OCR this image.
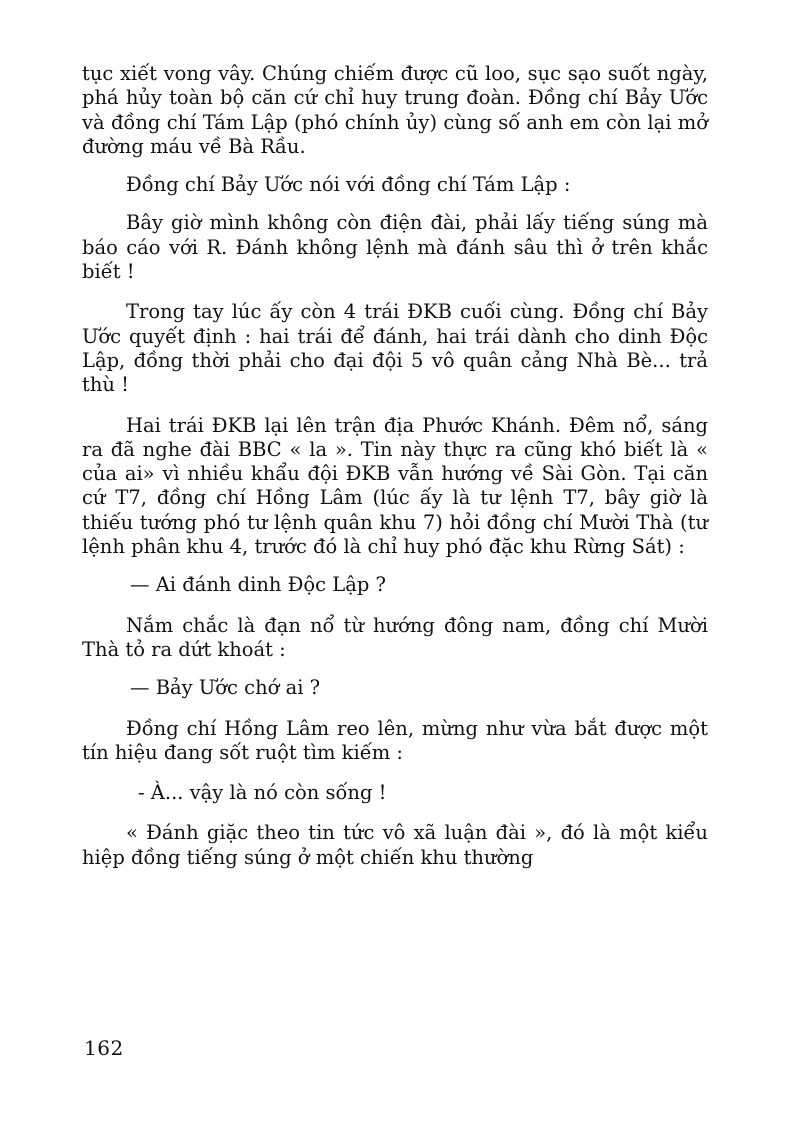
tục xiết vong vây. Chúng chiếm được cũ loo, sục sạo suốt ngày, phá hủy toàn bộ căn cứ chỉ huy trung đoàn. Đồng chí Bảy Ước và đồng chí Tám Lập (phó chính ủy) cùng số anh em còn lại mở đường máu về Bà Rầu.

Đồng chí Bảy Ước nói với đồng chí Tám Lập :

Bây giờ mình không còn điện đài, phải lấy tiếng súng mà báo cáo với R. Đánh không lệnh mà đánh sâu thì ở trên khắc biết !

Trong tay lúc ấy còn 4 trái ĐKB cuối cùng. Đồng chí Bảy Ước quyết định : hai trái để đánh, hai trái dành cho dinh Độc Lập, đồng thời phải cho đại đội 5 vô quân cảng Nhà Bè... trả thù !

Hai trái ĐKB lại lên trận địa Phước Khánh. Đêm nổ, sáng ra đã nghe đài BBC « la ». Tin này thực ra cũng khó biết là « của ai» vì nhiều khẩu đội ĐKB vẫn hướng về Sài Gòn. Tại căn cứ T7, đồng chí Hồng Lâm (lúc ấy là tư lệnh T7, bây giờ là thiếu tướng phó tư lệnh quân khu 7) hỏi đồng chí Mười Thà (tư lệnh phân khu 4, trước đó là chỉ huy phó đặc khu Rừng Sát) :

— Ai đánh dinh Độc Lập ?

Nắm chắc là đạn nổ từ hướng đông nam, đồng chí Mười Thà tỏ ra dứt khoát :

— Bảy Ước chớ ai ?

Đồng chí Hồng Lâm reo lên, mừng như vừa bắt được một tín hiệu đang sốt ruột tìm kiếm :

- À... vậy là nó còn sống !

« Đánh giặc theo tin tức vô xã luận đài », đó là một kiểu hiệp đồng tiếng súng ở một chiến khu thường

162
